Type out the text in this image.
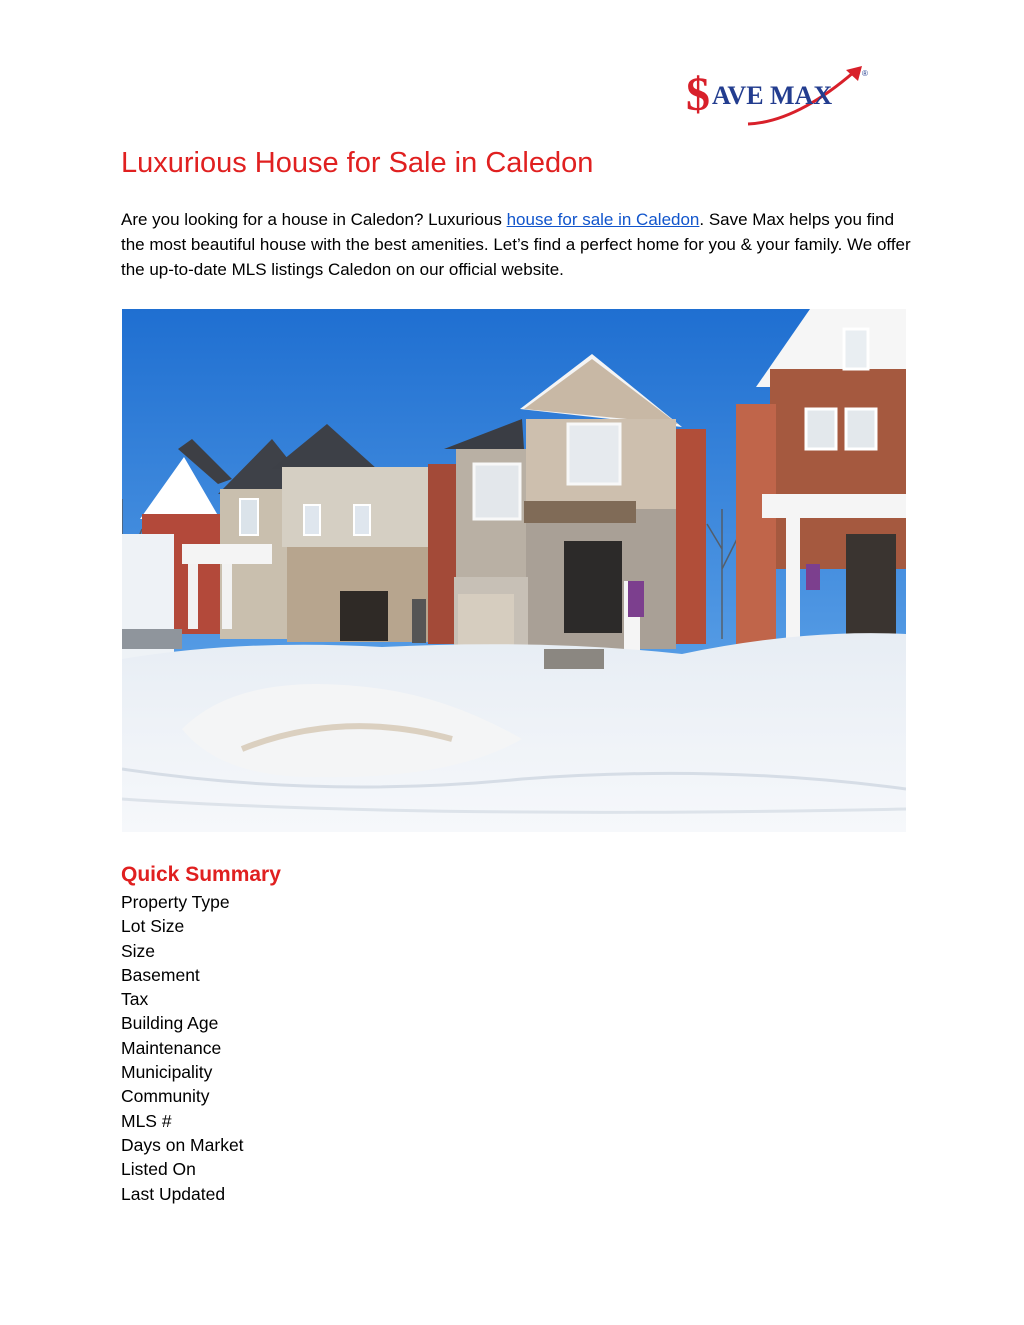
$ AVE MAX
®
Luxurious House for Sale in Caledon

Are you looking for a house in Caledon? Luxurious house for sale in Caledon. Save Max helps you find the most beautiful house with the best amenities. Let’s find a perfect home for you & your family. We offer the up-to-date MLS listings Caledon on our official website.

Quick Summary
Property Type
Lot Size
Size
Basement
Tax
Building Age
Maintenance
Municipality
Community
MLS #
Days on Market
Listed On
Last Updated
